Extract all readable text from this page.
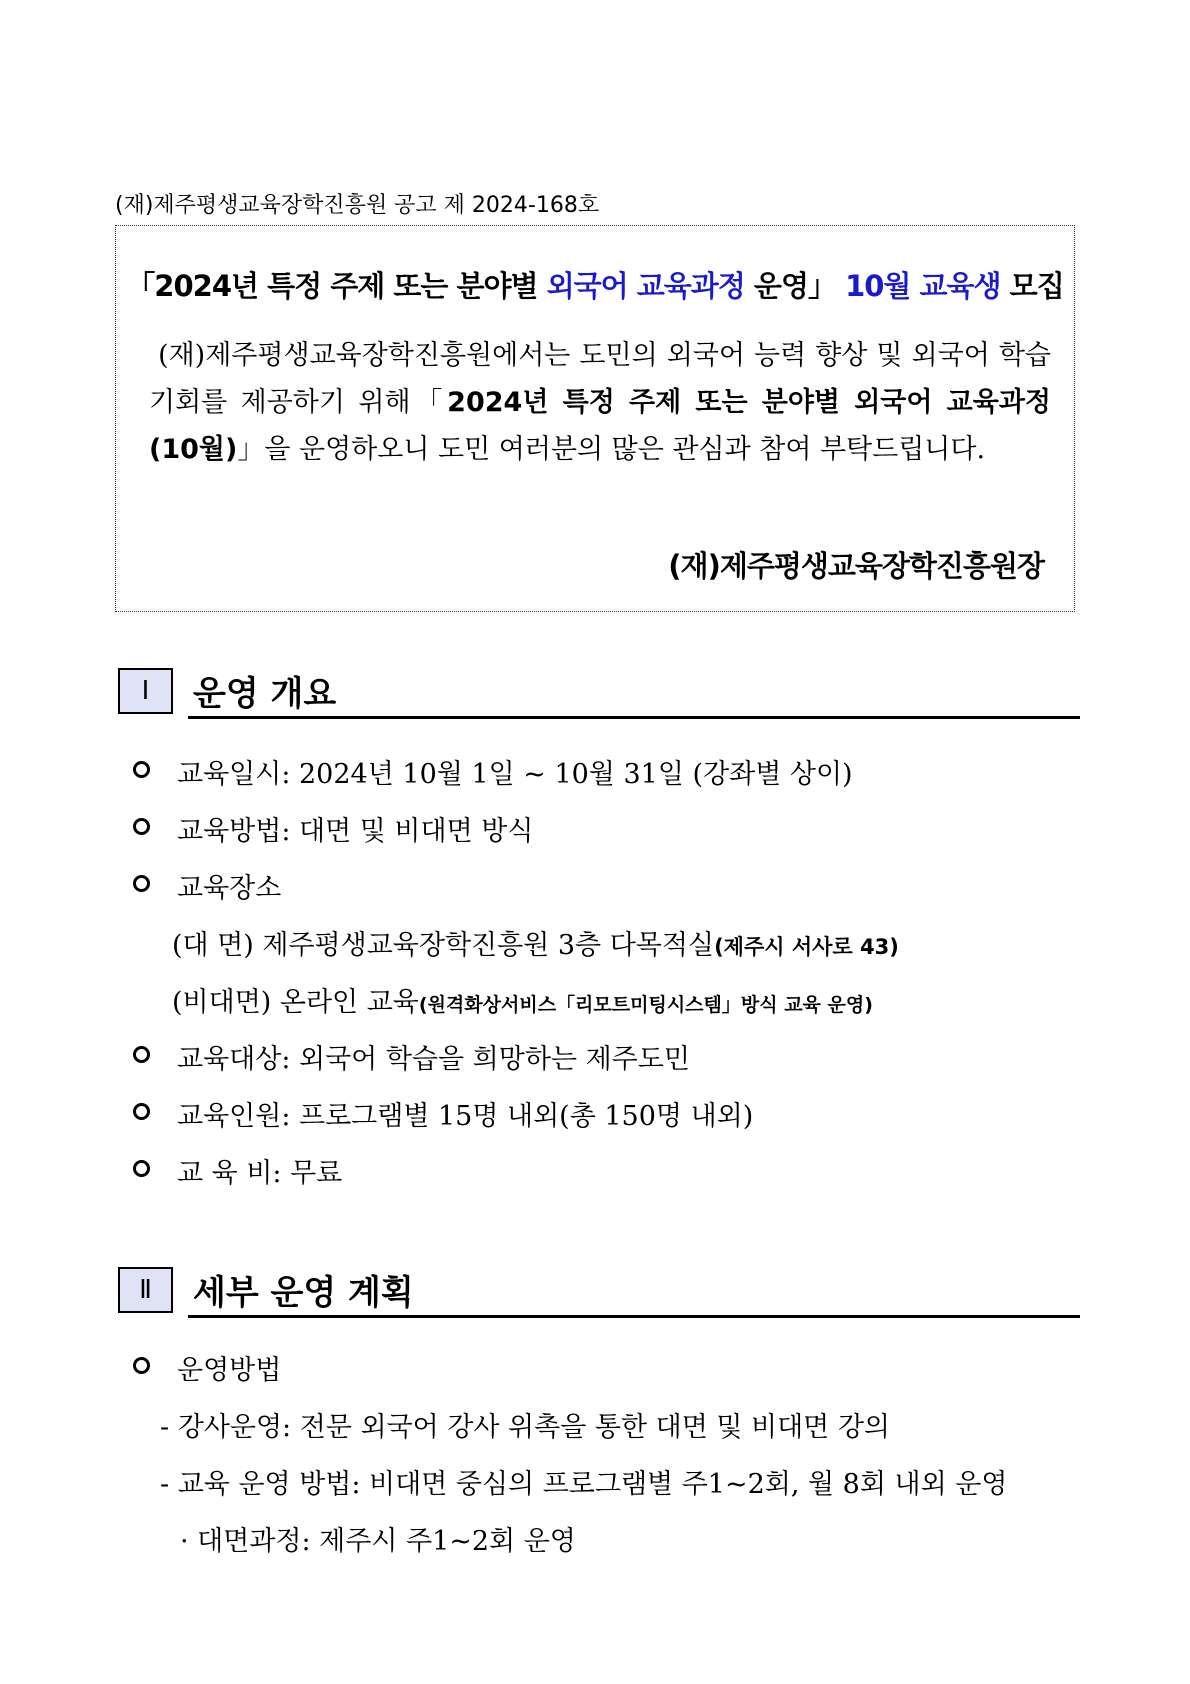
(재)제주평생교육장학진흥원 공고 제 2024-168호
「2024년 특정 주제 또는 분야별 외국어 교육과정 운영」 10월 교육생 모집

(재)제주평생교육장학진흥원에서는 도민의 외국어 능력 향상 및 외국어 학습 기회를 제공하기 위해「2024년 특정 주제 또는 분야별 외국어 교육과정(10월)」을 운영하오니 도민 여러분의 많은 관심과 참여 부탁드립니다.

(재)제주평생교육장학진흥원장
Ⅰ	운영 개요
교육일시: 2024년 10월 1일 ~ 10월 31일 (강좌별 상이)
교육방법: 대면 및 비대면 방식
교육장소
(대 면) 제주평생교육장학진흥원 3층 다목적실(제주시 서사로 43)
(비대면) 온라인 교육(원격화상서비스「리모트미팅시스템」방식 교육 운영)
교육대상: 외국어 학습을 희망하는 제주도민
교육인원: 프로그램별 15명 내외(총 150명 내외)
교 육 비: 무료
Ⅱ	세부 운영 계획
운영방법
- 강사운영: 전문 외국어 강사 위촉을 통한 대면 및 비대면 강의
- 교육 운영 방법: 비대면 중심의 프로그램별 주1~2회, 월 8회 내외 운영
· 대면과정: 제주시 주1~2회 운영
